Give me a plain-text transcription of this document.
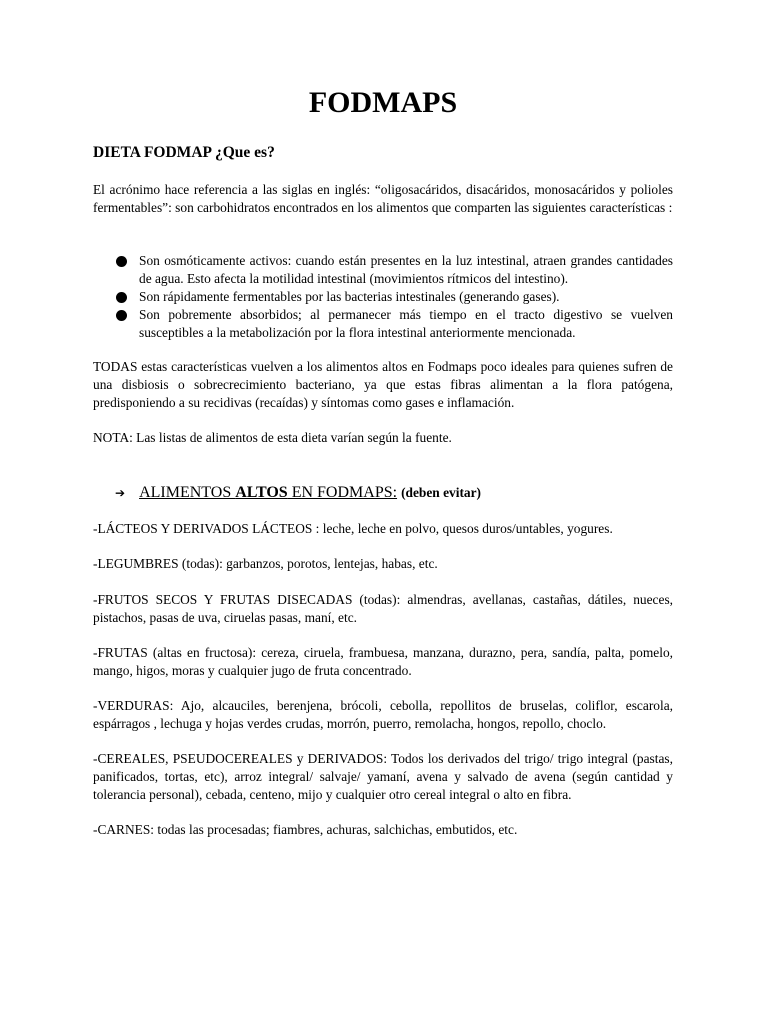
FODMAPS
DIETA FODMAP ¿Que es?
El acrónimo hace referencia a las siglas en inglés: “oligosacáridos, disacáridos, monosacáridos y polioles fermentables”: son carbohidratos encontrados en los alimentos que comparten las siguientes características :
Son osmóticamente activos: cuando están presentes en la luz intestinal, atraen grandes cantidades de agua. Esto afecta la motilidad intestinal (movimientos rítmicos del intestino).
Son rápidamente fermentables por las bacterias intestinales (generando gases).
Son pobremente absorbidos; al permanecer más tiempo en el tracto digestivo se vuelven susceptibles a la metabolización por la flora intestinal anteriormente mencionada.
TODAS estas características vuelven a los alimentos altos en Fodmaps poco ideales para quienes sufren de una disbiosis o sobrecrecimiento bacteriano, ya que estas fibras alimentan a la flora patógena, predisponiendo a su recidivas (recaídas) y síntomas como gases e inflamación.
NOTA: Las listas de alimentos de esta dieta varían según la fuente.
➔ ALIMENTOS ALTOS EN FODMAPS: (deben evitar)
-LÁCTEOS Y DERIVADOS LÁCTEOS : leche, leche en polvo, quesos duros/untables, yogures.
-LEGUMBRES (todas): garbanzos, porotos, lentejas, habas, etc.
-FRUTOS SECOS Y FRUTAS DISECADAS (todas): almendras, avellanas, castañas, dátiles, nueces, pistachos, pasas de uva, ciruelas pasas, maní, etc.
-FRUTAS (altas en fructosa): cereza, ciruela, frambuesa, manzana, durazno, pera, sandía, palta, pomelo, mango, higos, moras y cualquier jugo de fruta concentrado.
-VERDURAS: Ajo, alcauciles, berenjena, brócoli, cebolla, repollitos de bruselas, coliflor, escarola, espárragos , lechuga y hojas verdes crudas, morrón, puerro, remolacha, hongos, repollo, choclo.
-CEREALES, PSEUDOCEREALES y DERIVADOS: Todos los derivados del trigo/ trigo integral (pastas, panificados, tortas, etc), arroz integral/ salvaje/ yamaní, avena y salvado de avena (según cantidad y tolerancia personal), cebada, centeno, mijo y cualquier otro cereal integral o alto en fibra.
-CARNES: todas las procesadas; fiambres, achuras, salchichas, embutidos, etc.
